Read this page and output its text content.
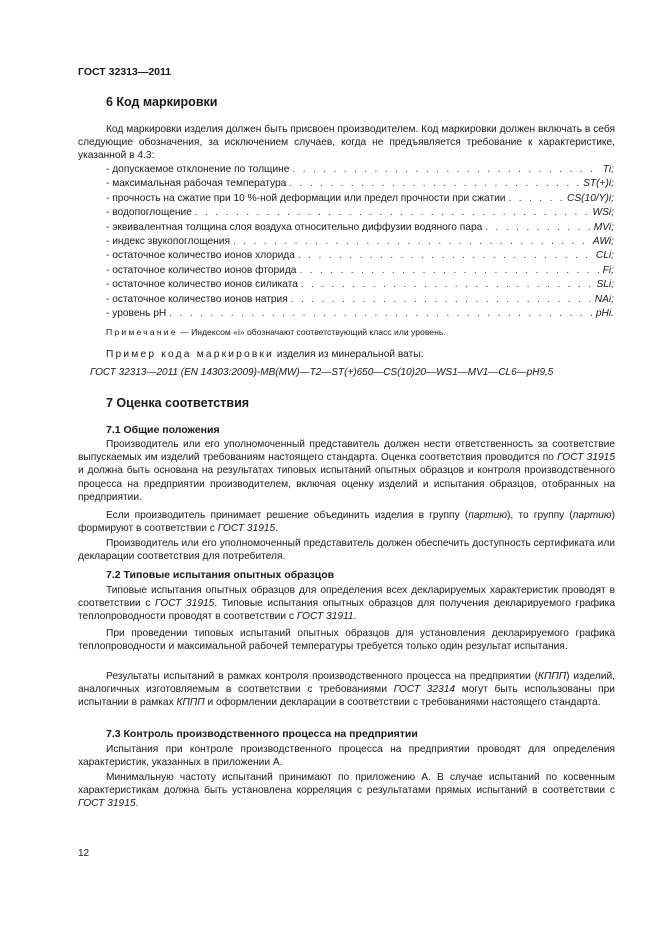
ГОСТ 32313—2011
6 Код маркировки

Код маркировки изделия должен быть присвоен производителем. Код маркировки должен включать в себя следующие обозначения, за исключением случаев, когда не предъявляется требование к характеристике, указанной в 4.3:

- допускаемое отклонение по толщине . . .	Ti;
- максимальная рабочая температура . . .	ST(+)i;
- прочность на сжатие при 10 %-ной деформации или предел прочности при сжатии . . .	CS(10/Y)i;
- водопоглощение . . .	WSi;
- эквивалентная толщина слоя воздуха относительно диффузии водяного пара . . .	MVi;
- индекс звукопоглощения . . .	AWi;
- остаточное количество ионов хлорида . . .	CLi;
- остаточное количество ионов фторида . . .	Fi;
- остаточное количество ионов силиката . . .	SLi;
- остаточное количество ионов натрия . . .	NAi;
- уровень pH . . .	pHi.
Примечание — Индексом «i» обозначают соответствующий класс или уровень.
Пример кода маркировки изделия из минеральной ваты:
ГОСТ 32313—2011 (EN 14303:2009)-MB(MW)—T2—ST(+)650—CS(10)20—WS1—MV1—CL6—pH9,5
7 Оценка соответствия
7.1 Общие положения

Производитель или его уполномоченный представитель должен нести ответственность за соответствие выпускаемых им изделий требованиям настоящего стандарта. Оценка соответствия проводится по ГОСТ 31915 и должна быть основана на результатах типовых испытаний опытных образцов и контроля производственного процесса на предприятии производителем, включая оценку изделий и испытания образцов, отобранных на предприятии.

Если производитель принимает решение объединить изделия в группу (партию), то группу (партию) формируют в соответствии с ГОСТ 31915.

Производитель или его уполномоченный представитель должен обеспечить доступность сертификата или декларации соответствия для потребителя.

7.2 Типовые испытания опытных образцов

Типовые испытания опытных образцов для определения всех декларируемых характеристик проводят в соответствии с ГОСТ 31915. Типовые испытания опытных образцов для получения декларируемого графика теплопроводности проводят в соответствии с ГОСТ 31911.

При проведении типовых испытаний опытных образцов для установления декларируемого графика теплопроводности и максимальной рабочей температуры требуется только один результат испытания.

Результаты испытаний в рамках контроля производственного процесса на предприятии (КППП) изделий, аналогичных изготовляемым в соответствии с требованиями ГОСТ 32314 могут быть использованы при испытании в рамках КППП и оформлении декларации в соответствии с требованиями настоящего стандарта.

7.3 Контроль производственного процесса на предприятии

Испытания при контроле производственного процесса на предприятии проводят для определения характеристик, указанных в приложении А.

Минимальную частоту испытаний принимают по приложению А. В случае испытаний по косвенным характеристикам должна быть установлена корреляция с результатами прямых испытаний в соответствии с ГОСТ 31915.

12
